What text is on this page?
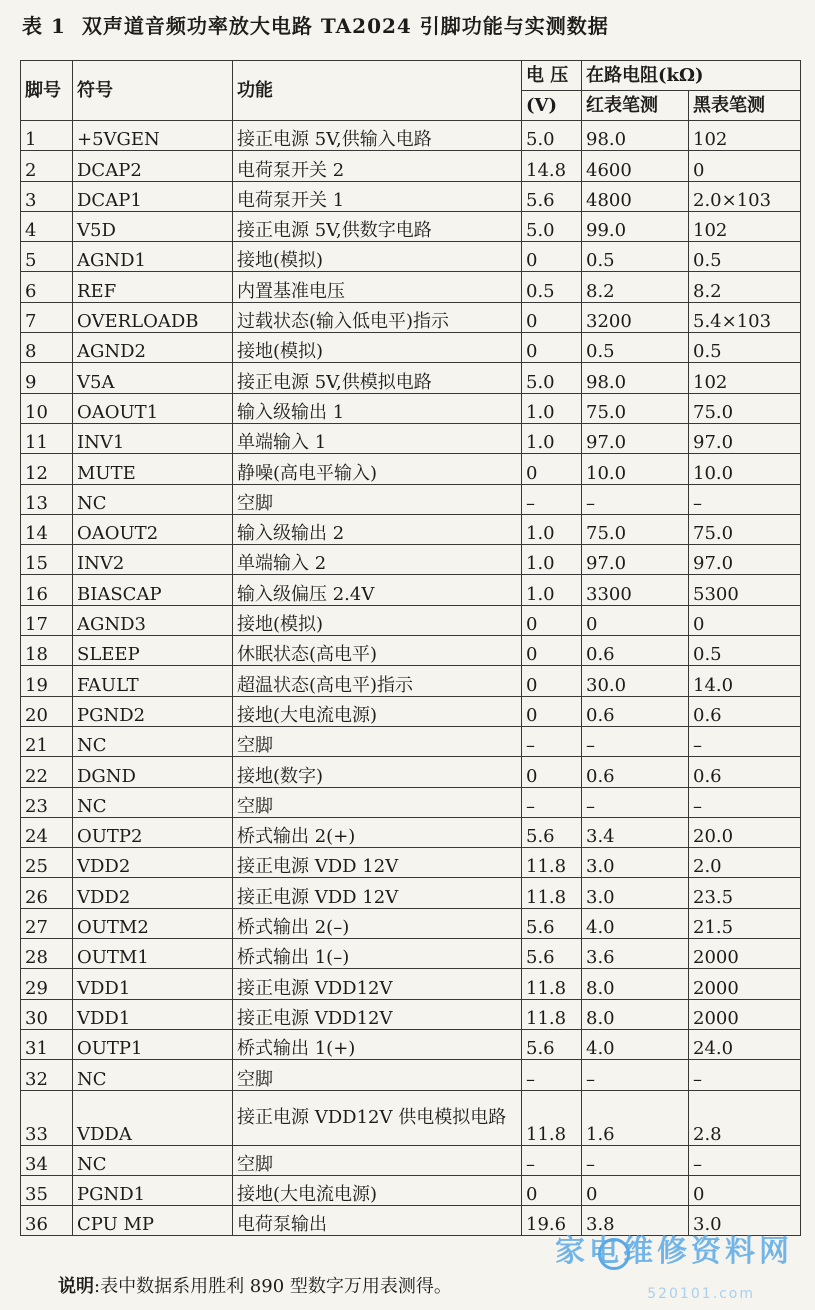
表 1 双声道音频功率放大电路 TA2024 引脚功能与实测数据
脚号	符号	功能	电 压	在路电阻(kΩ)	
			(V)	红表笔测	黑表笔测
1	+5VGEN	接正电源 5V,供输入电路	5.0	98.0	102
2	DCAP2	电荷泵开关 2	14.8	4600	0
3	DCAP1	电荷泵开关 1	5.6	4800	2.0×103
4	V5D	接正电源 5V,供数字电路	5.0	99.0	102
5	AGND1	接地(模拟)	0	0.5	0.5
6	REF	内置基准电压	0.5	8.2	8.2
7	OVERLOADB	过载状态(输入低电平)指示	0	3200	5.4×103
8	AGND2	接地(模拟)	0	0.5	0.5
9	V5A	接正电源 5V,供模拟电路	5.0	98.0	102
10	OAOUT1	输入级输出 1	1.0	75.0	75.0
11	INV1	单端输入 1	1.0	97.0	97.0
12	MUTE	静噪(高电平输入)	0	10.0	10.0
13	NC	空脚	–	–	–
14	OAOUT2	输入级输出 2	1.0	75.0	75.0
15	INV2	单端输入 2	1.0	97.0	97.0
16	BIASCAP	输入级偏压 2.4V	1.0	3300	5300
17	AGND3	接地(模拟)	0	0	0
18	SLEEP	休眠状态(高电平)	0	0.6	0.5
19	FAULT	超温状态(高电平)指示	0	30.0	14.0
20	PGND2	接地(大电流电源)	0	0.6	0.6
21	NC	空脚	–	–	–
22	DGND	接地(数字)	0	0.6	0.6
23	NC	空脚	–	–	–
24	OUTP2	桥式输出 2(+)	5.6	3.4	20.0
25	VDD2	接正电源 VDD 12V	11.8	3.0	2.0
26	VDD2	接正电源 VDD 12V	11.8	3.0	23.5
27	OUTM2	桥式输出 2(–)	5.6	4.0	21.5
28	OUTM1	桥式输出 1(–)	5.6	3.6	2000
29	VDD1	接正电源 VDD12V	11.8	8.0	2000
30	VDD1	接正电源 VDD12V	11.8	8.0	2000
31	OUTP1	桥式输出 1(+)	5.6	4.0	24.0
32	NC	空脚	–	–	–
33	VDDA	接正电源 VDD12V 供电模拟电路	11.8	1.6	2.8
34	NC	空脚	–	–	–
35	PGND1	接地(大电流电源)	0	0	0
36	CPU MP	电荷泵输出	19.6	3.8	3.0
说明:表中数据系用胜利 890 型数字万用表测得。
家电维修资料网
520101.com
